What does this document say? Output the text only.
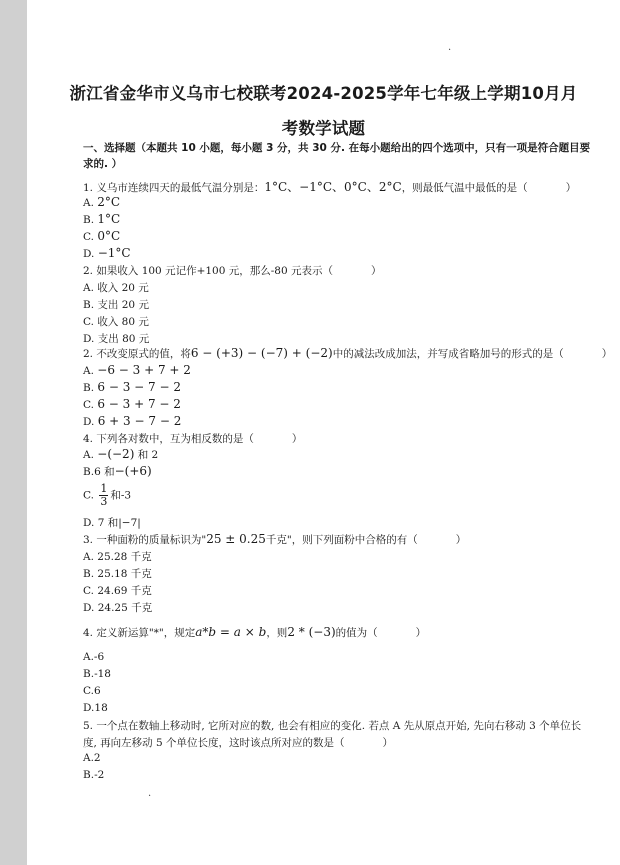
.
浙江省金华市义乌市七校联考2024-2025学年七年级上学期10月月
考数学试题
一、选择题（本题共 10 小题，每小题 3 分，共 30 分. 在每小题给出的四个选项中，只有一项是符合题目要求的. ）
1. 义乌市连续四天的最低气温分别是：1°C、−1°C、0°C、2°C，则最低气温中最低的是（	）
A. 2°C
B. 1°C
C. 0°C
D. −1°C
2. 如果收入 100 元记作+100 元，那么-80 元表示（	）
A. 收入 20 元
B. 支出 20 元
C. 收入 80 元
D. 支出 80 元
2. 不改变原式的值，将6 − (+3) − (−7) + (−2)中的减法改成加法，并写成省略加号的形式的是（	）
A. −6 − 3 + 7 + 2
B. 6 − 3 − 7 − 2
C. 6 − 3 + 7 − 2
D. 6 + 3 − 7 − 2
4. 下列各对数中，互为相反数的是（	）
A. −(−2) 和 2
B.6 和−(+6)
C. $\frac{1}{3}$ 和-3
D. 7 和|−7|
3. 一种面粉的质量标识为"25 ± 0.25千克"，则下列面粉中合格的有（	）
A. 25.28 千克
B. 25.18 千克
C. 24.69 千克
D. 24.25 千克
4. 定义新运算"*"，规定a*b = a × b，则2 * (−3)的值为（	）
A.-6
B.-18
C.6
D.18
5. 一个点在数轴上移动时, 它所对应的数, 也会有相应的变化. 若点 A 先从原点开始, 先向右移动 3 个单位长
度, 再向左移动 5 个单位长度，这时该点所对应的数是（	）
A.2
B.-2
.
